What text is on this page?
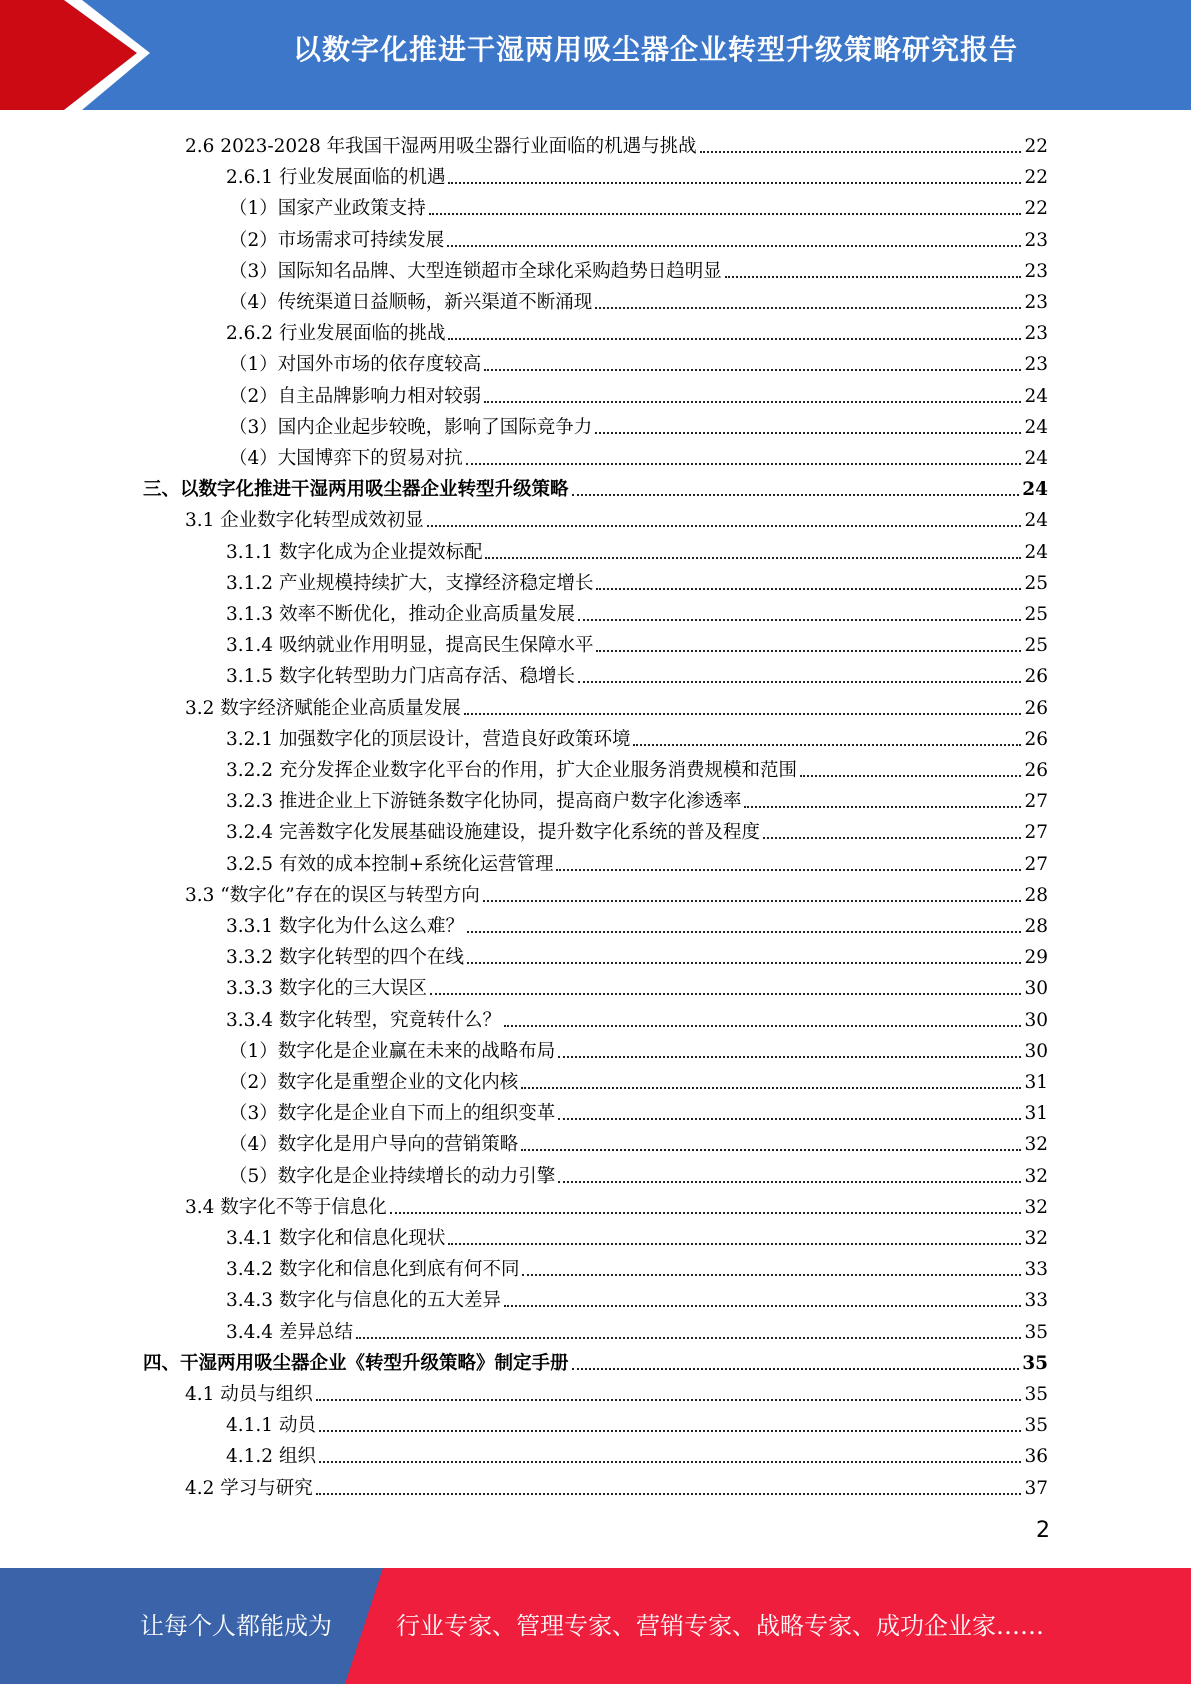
以数字化推进干湿两用吸尘器企业转型升级策略研究报告
2.6 2023-2028 年我国干湿两用吸尘器行业面临的机遇与挑战	22
2.6.1 行业发展面临的机遇	22
（1）国家产业政策支持	22
（2）市场需求可持续发展	23
（3）国际知名品牌、大型连锁超市全球化采购趋势日趋明显	23
（4）传统渠道日益顺畅，新兴渠道不断涌现	23
2.6.2 行业发展面临的挑战	23
（1）对国外市场的依存度较高	23
（2）自主品牌影响力相对较弱	24
（3）国内企业起步较晚，影响了国际竞争力	24
（4）大国博弈下的贸易对抗	24
三、以数字化推进干湿两用吸尘器企业转型升级策略	24
3.1 企业数字化转型成效初显	24
3.1.1 数字化成为企业提效标配	24
3.1.2 产业规模持续扩大，支撑经济稳定增长	25
3.1.3 效率不断优化，推动企业高质量发展	25
3.1.4 吸纳就业作用明显，提高民生保障水平	25
3.1.5 数字化转型助力门店高存活、稳增长	26
3.2 数字经济赋能企业高质量发展	26
3.2.1 加强数字化的顶层设计，营造良好政策环境	26
3.2.2 充分发挥企业数字化平台的作用，扩大企业服务消费规模和范围	26
3.2.3 推进企业上下游链条数字化协同，提高商户数字化渗透率	27
3.2.4 完善数字化发展基础设施建设，提升数字化系统的普及程度	27
3.2.5 有效的成本控制+系统化运营管理	27
3.3 “数字化”存在的误区与转型方向	28
3.3.1 数字化为什么这么难？	28
3.3.2 数字化转型的四个在线	29
3.3.3 数字化的三大误区	30
3.3.4 数字化转型，究竟转什么？	30
（1）数字化是企业赢在未来的战略布局	30
（2）数字化是重塑企业的文化内核	31
（3）数字化是企业自下而上的组织变革	31
（4）数字化是用户导向的营销策略	32
（5）数字化是企业持续增长的动力引擎	32
3.4 数字化不等于信息化	32
3.4.1 数字化和信息化现状	32
3.4.2 数字化和信息化到底有何不同	33
3.4.3 数字化与信息化的五大差异	33
3.4.4 差异总结	35
四、干湿两用吸尘器企业《转型升级策略》制定手册	35
4.1 动员与组织	35
4.1.1 动员	35
4.1.2 组织	36
4.2 学习与研究	37
2
让每个人都能成为	行业专家、管理专家、营销专家、战略专家、成功企业家……
